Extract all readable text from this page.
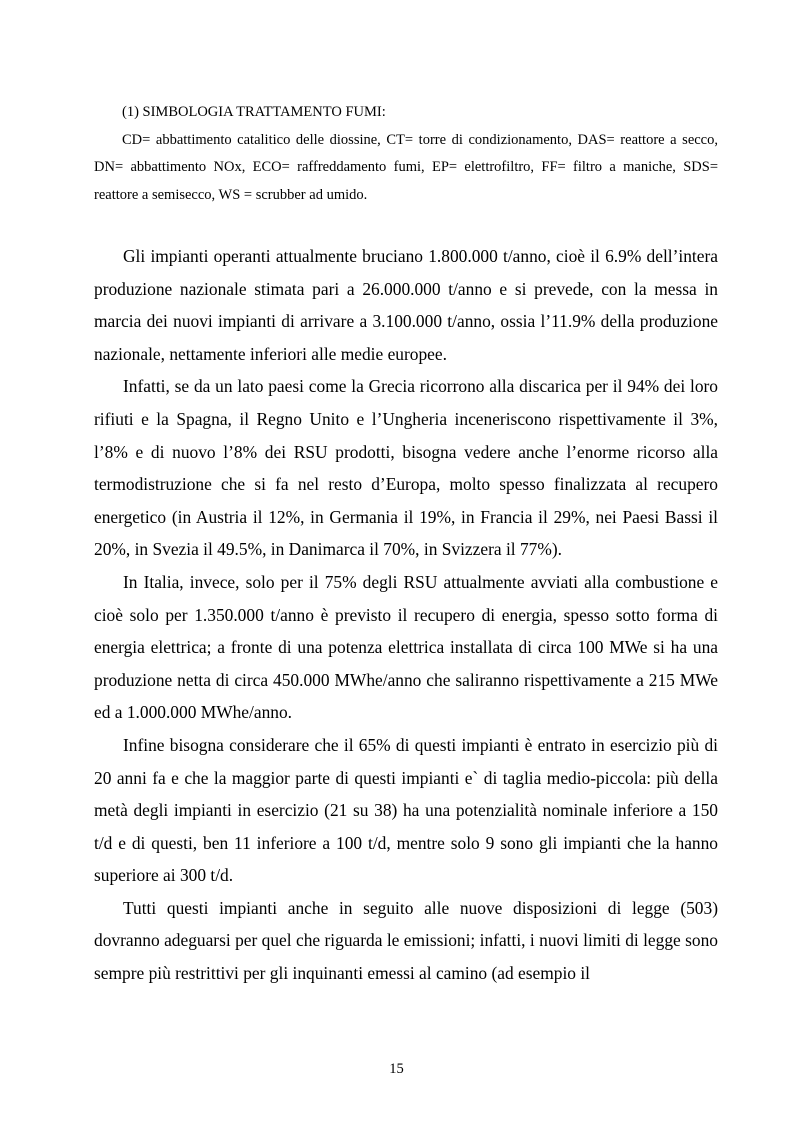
(1) SIMBOLOGIA TRATTAMENTO FUMI:
CD= abbattimento catalitico delle diossine, CT= torre di condizionamento, DAS= reattore a secco, DN= abbattimento NOx, ECO= raffreddamento fumi, EP= elettrofiltro, FF= filtro a maniche, SDS= reattore a semisecco, WS = scrubber ad umido.

Gli impianti operanti attualmente bruciano 1.800.000 t/anno, cioè il 6.9% dell’intera produzione nazionale stimata pari a 26.000.000 t/anno e si prevede, con la messa in marcia dei nuovi impianti di arrivare a 3.100.000 t/anno, ossia l’11.9% della produzione nazionale, nettamente inferiori alle medie europee.

Infatti, se da un lato paesi come la Grecia ricorrono alla discarica per il 94% dei loro rifiuti e la Spagna, il Regno Unito e l’Ungheria inceneriscono rispettivamente il 3%, l’8% e di nuovo l’8% dei RSU prodotti, bisogna vedere anche l’enorme ricorso alla termodistruzione che si fa nel resto d’Europa, molto spesso finalizzata al recupero energetico (in Austria il 12%, in Germania il 19%, in Francia il 29%, nei Paesi Bassi il 20%, in Svezia il 49.5%, in Danimarca il 70%, in Svizzera il 77%).

In Italia, invece, solo per il 75% degli RSU attualmente avviati alla combustione e cioè solo per 1.350.000 t/anno è previsto il recupero di energia, spesso sotto forma di energia elettrica; a fronte di una potenza elettrica installata di circa 100 MWe si ha una produzione netta di circa 450.000 MWhe/anno che saliranno rispettivamente a 215 MWe ed a 1.000.000 MWhe/anno.

Infine bisogna considerare che il 65% di questi impianti è entrato in esercizio più di 20 anni fa e che la maggior parte di questi impianti e` di taglia medio-piccola: più della metà degli impianti in esercizio (21 su 38) ha una potenzialità nominale inferiore a 150 t/d e di questi, ben 11 inferiore a 100 t/d, mentre solo 9 sono gli impianti che la hanno superiore ai 300 t/d.

Tutti questi impianti anche in seguito alle nuove disposizioni di legge (503) dovranno adeguarsi per quel che riguarda le emissioni; infatti, i nuovi limiti di legge sono sempre più restrittivi per gli inquinanti emessi al camino (ad esempio il

15
